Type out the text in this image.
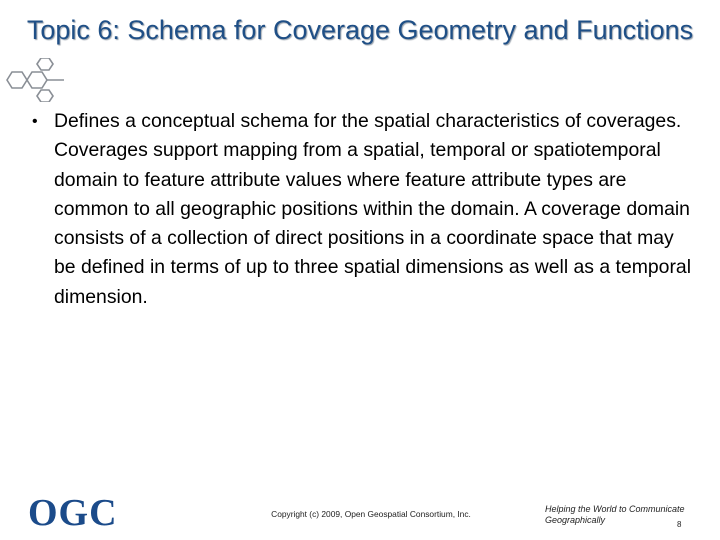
Topic 6: Schema for Coverage Geometry and Functions
• Defines a conceptual schema for the spatial characteristics of coverages. Coverages support mapping from a spatial, temporal or spatiotemporal domain to feature attribute values where feature attribute types are common to all geographic positions within the domain. A coverage domain consists of a collection of direct positions in a coordinate space that may be defined in terms of up to three spatial dimensions as well as a temporal dimension.
OGC	Copyright (c) 2009, Open Geospatial Consortium, Inc.	Helping the World to Communicate Geographically	8
